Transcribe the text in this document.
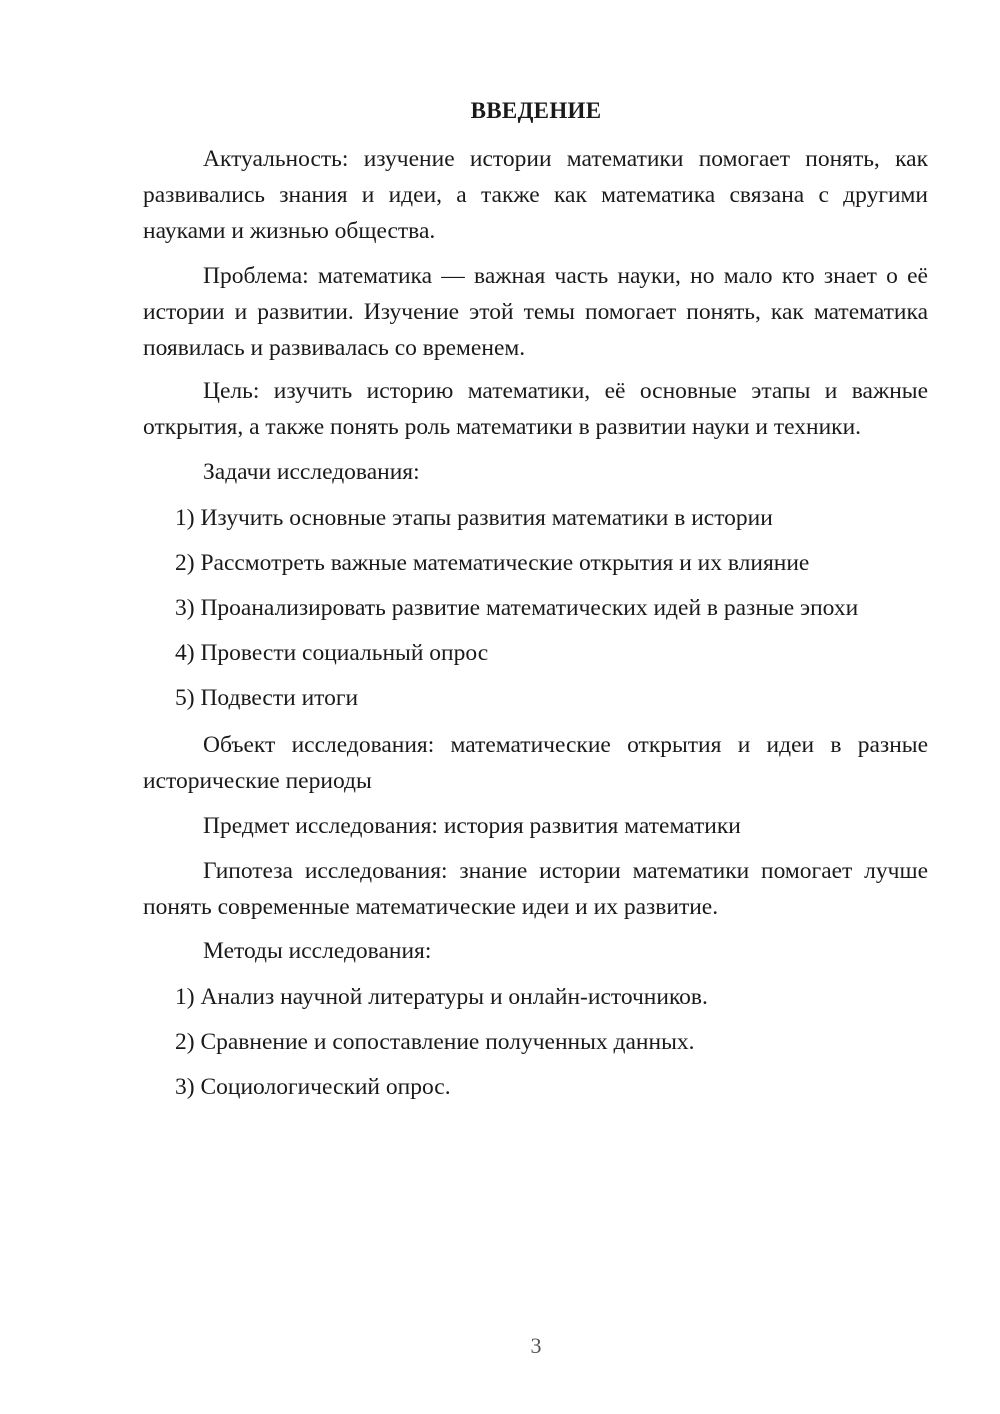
ВВЕДЕНИЕ
Актуальность: изучение истории математики помогает понять, как развивались знания и идеи, а также как математика связана с другими науками и жизнью общества.
Проблема: математика — важная часть науки, но мало кто знает о её истории и развитии. Изучение этой темы помогает понять, как математика появилась и развивалась со временем.
Цель: изучить историю математики, её основные этапы и важные открытия, а также понять роль математики в развитии науки и техники.
Задачи исследования:
1) Изучить основные этапы развития математики в истории
2) Рассмотреть важные математические открытия и их влияние
3) Проанализировать развитие математических идей в разные эпохи
4) Провести социальный опрос
5) Подвести итоги
Объект исследования: математические открытия и идеи в разные исторические периоды
Предмет исследования: история развития математики
Гипотеза исследования: знание истории математики помогает лучше понять современные математические идеи и их развитие.
Методы исследования:
1) Анализ научной литературы и онлайн-источников.
2) Сравнение и сопоставление полученных данных.
3) Социологический опрос.
3
